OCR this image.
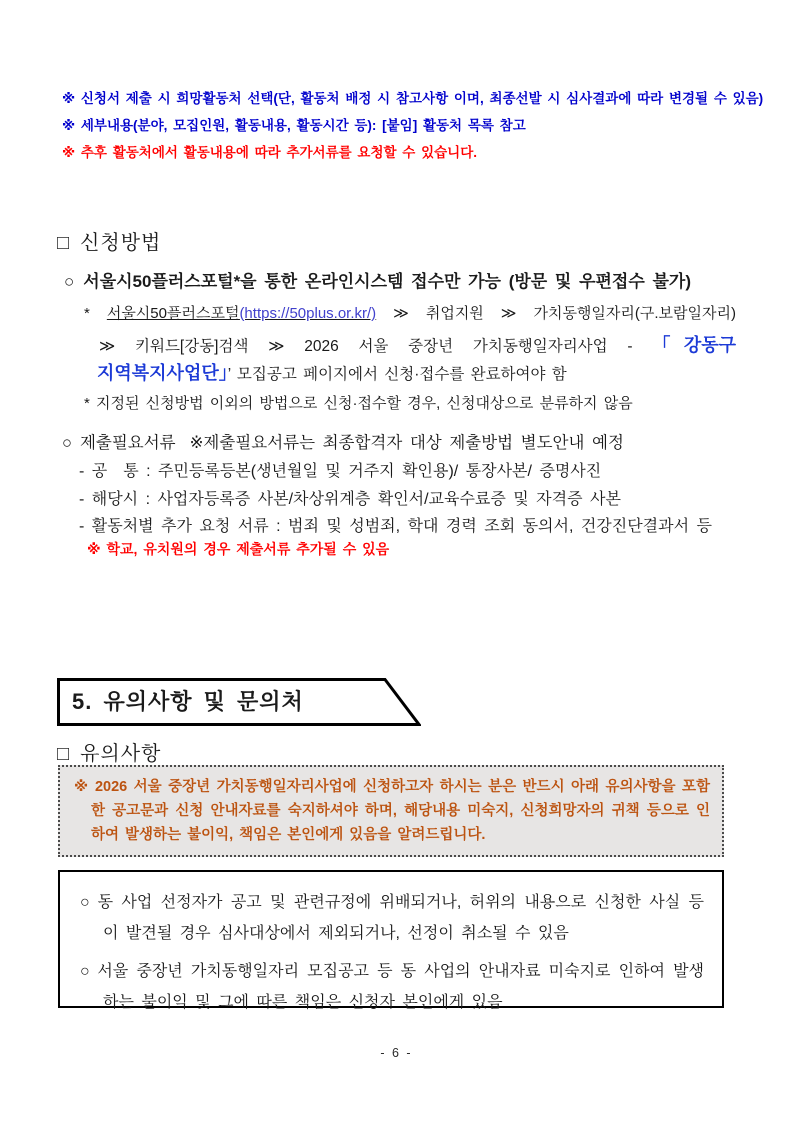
※ 신청서 제출 시 희망활동처 선택(단, 활동처 배정 시 참고사항 이며, 최종선발 시 심사결과에 따라 변경될 수 있음)
※ 세부내용(분야, 모집인원, 활동내용, 활동시간 등): [붙임] 활동처 목록 참고
※ 추후 활동처에서 활동내용에 따라 추가서류를 요청할 수 있습니다.
□ 신청방법
○ 서울시50플러스포털*을 통한 온라인시스템 접수만 가능 (방문 및 우편접수 불가)
* 서울시50플러스포털(https://50plus.or.kr/) ≫ 취업지원 ≫ 가치동행일자리(구.보람일자리)
≫ 키워드[강동]검색 ≫ 2026 서울 중장년 가치동행일자리사업 - 「강동구
지역복지사업단」’ 모집공고 페이지에서 신청·접수를 완료하여야 함
* 지정된 신청방법 이외의 방법으로 신청·접수할 경우, 신청대상으로 분류하지 않음
○ 제출필요서류 ※제출필요서류는 최종합격자 대상 제출방법 별도안내 예정
- 공　통 : 주민등록등본(생년월일 및 거주지 확인용)/ 통장사본/ 증명사진
- 해당시 : 사업자등록증 사본/차상위계층 확인서/교육수료증 및 자격증 사본
- 활동처별 추가 요청 서류 : 범죄 및 성범죄, 학대 경력 조회 동의서, 건강진단결과서 등
※ 학교, 유치원의 경우 제출서류 추가될 수 있음
5. 유의사항 및 문의처
□ 유의사항

※ 2026 서울 중장년 가치동행일자리사업에 신청하고자 하시는 분은 반드시 아래 유의사항을 포함한 공고문과 신청 안내자료를 숙지하셔야 하며, 해당내용 미숙지, 신청희망자의 귀책 등으로 인하여 발생하는 불이익, 책임은 본인에게 있음을 알려드립니다.

○ 동 사업 선정자가 공고 및 관련규정에 위배되거나, 허위의 내용으로 신청한 사실 등이 발견될 경우 심사대상에서 제외되거나, 선정이 취소될 수 있음

○ 서울 중장년 가치동행일자리 모집공고 등 동 사업의 안내자료 미숙지로 인하여 발생하는 불이익 및 그에 따른 책임은 신청자 본인에게 있음

- 6 -
